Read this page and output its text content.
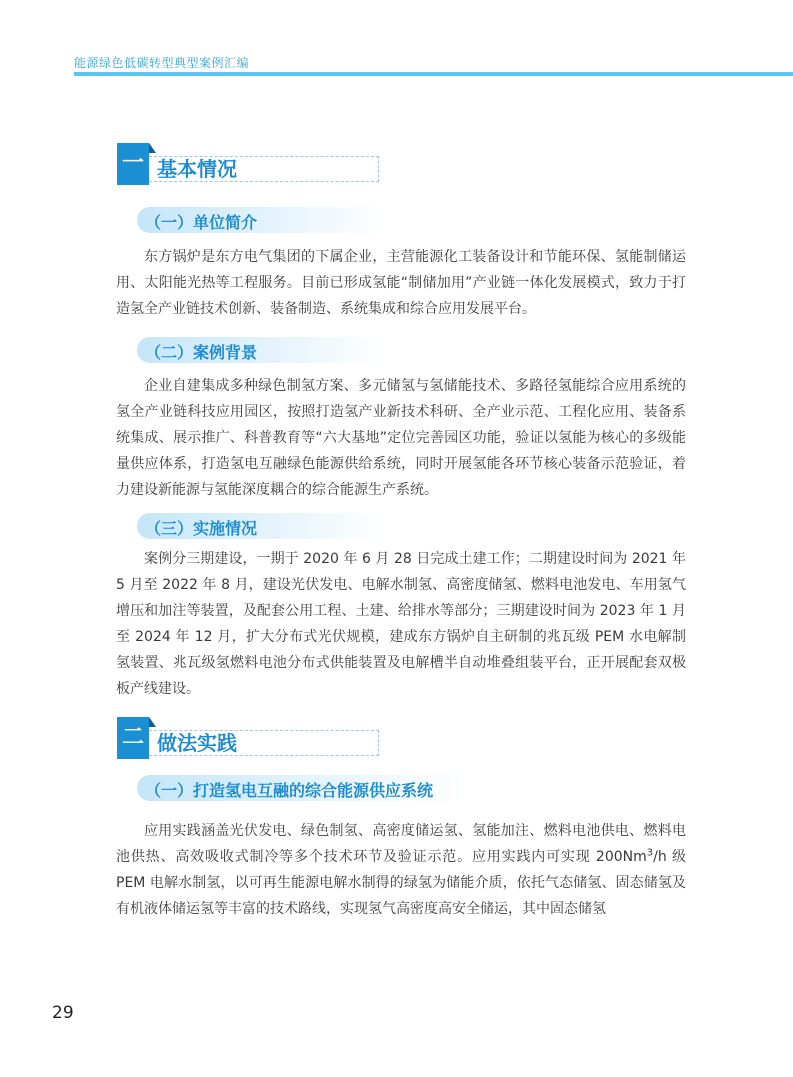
能源绿色低碳转型典型案例汇编
一 基本情况
（一）单位简介

东方锅炉是东方电气集团的下属企业，主营能源化工装备设计和节能环保、氢能制储运用、太阳能光热等工程服务。目前已形成氢能“制储加用”产业链一体化发展模式，致力于打造氢全产业链技术创新、装备制造、系统集成和综合应用发展平台。

（二）案例背景

企业自建集成多种绿色制氢方案、多元储氢与氢储能技术、多路径氢能综合应用系统的氢全产业链科技应用园区，按照打造氢产业新技术科研、全产业示范、工程化应用、装备系统集成、展示推广、科普教育等“六大基地”定位完善园区功能，验证以氢能为核心的多级能量供应体系，打造氢电互融绿色能源供给系统，同时开展氢能各环节核心装备示范验证，着力建设新能源与氢能深度耦合的综合能源生产系统。

（三）实施情况

案例分三期建设，一期于 2020 年 6 月 28 日完成土建工作；二期建设时间为 2021 年 5 月至 2022 年 8 月，建设光伏发电、电解水制氢、高密度储氢、燃料电池发电、车用氢气增压和加注等装置，及配套公用工程、土建、给排水等部分；三期建设时间为 2023 年 1 月至 2024 年 12 月，扩大分布式光伏规模，建成东方锅炉自主研制的兆瓦级 PEM 水电解制氢装置、兆瓦级氢燃料电池分布式供能装置及电解槽半自动堆叠组装平台，正开展配套双极板产线建设。

二 做法实践
（一）打造氢电互融的综合能源供应系统

应用实践涵盖光伏发电、绿色制氢、高密度储运氢、氢能加注、燃料电池供电、燃料电池供热、高效吸收式制冷等多个技术环节及验证示范。应用实践内可实现 200Nm$^3$/h 级 PEM 电解水制氢，以可再生能源电解水制得的绿氢为储能介质，依托气态储氢、固态储氢及有机液体储运氢等丰富的技术路线，实现氢气高密度高安全储运，其中固态储氢

29
